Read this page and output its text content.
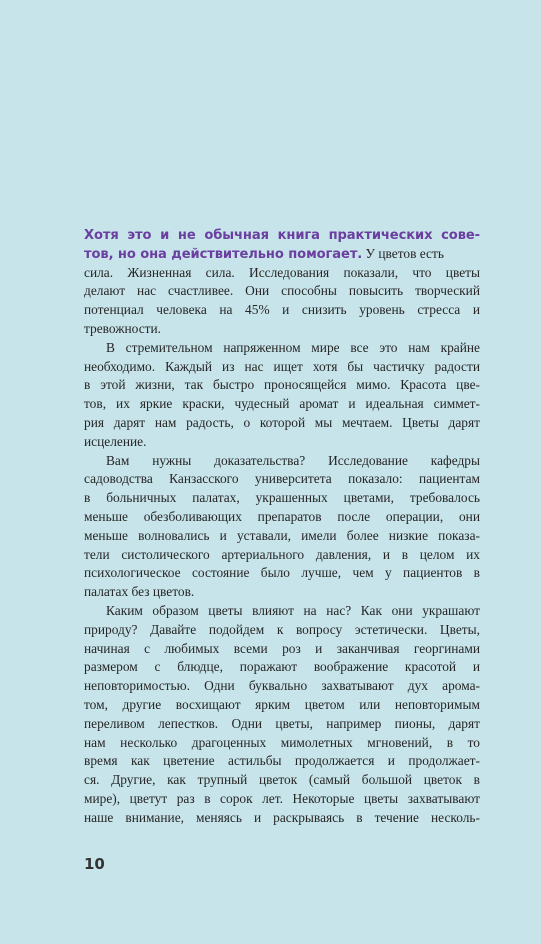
Хотя это и не обычная книга практических сове-
тов, но она действительно помогает. У цветов есть
сила. Жизненная сила. Исследования показали, что цветы
делают нас счастливее. Они способны повысить творческий
потенциал человека на 45% и снизить уровень стресса и
тревожности.
В стремительном напряженном мире все это нам крайне
необходимо. Каждый из нас ищет хотя бы частичку радости
в этой жизни, так быстро проносящейся мимо. Красота цве-
тов, их яркие краски, чудесный аромат и идеальная симмет-
рия дарят нам радость, о которой мы мечтаем. Цветы дарят
исцеление.
Вам нужны доказательства? Исследование кафедры
садоводства Канзасского университета показало: пациентам
в больничных палатах, украшенных цветами, требовалось
меньше обезболивающих препаратов после операции, они
меньше волновались и уставали, имели более низкие показа-
тели систолического артериального давления, и в целом их
психологическое состояние было лучше, чем у пациентов в
палатах без цветов.
Каким образом цветы влияют на нас? Как они украшают
природу? Давайте подойдем к вопросу эстетически. Цветы,
начиная с любимых всеми роз и заканчивая георгинами
размером с блюдце, поражают воображение красотой и
неповторимостью. Одни буквально захватывают дух арома-
том, другие восхищают ярким цветом или неповторимым
переливом лепестков. Одни цветы, например пионы, дарят
нам несколько драгоценных мимолетных мгновений, в то
время как цветение астильбы продолжается и продолжает-
ся. Другие, как трупный цветок (самый большой цветок в
мире), цветут раз в сорок лет. Некоторые цветы захватывают
наше внимание, меняясь и раскрываясь в течение несколь-
10
